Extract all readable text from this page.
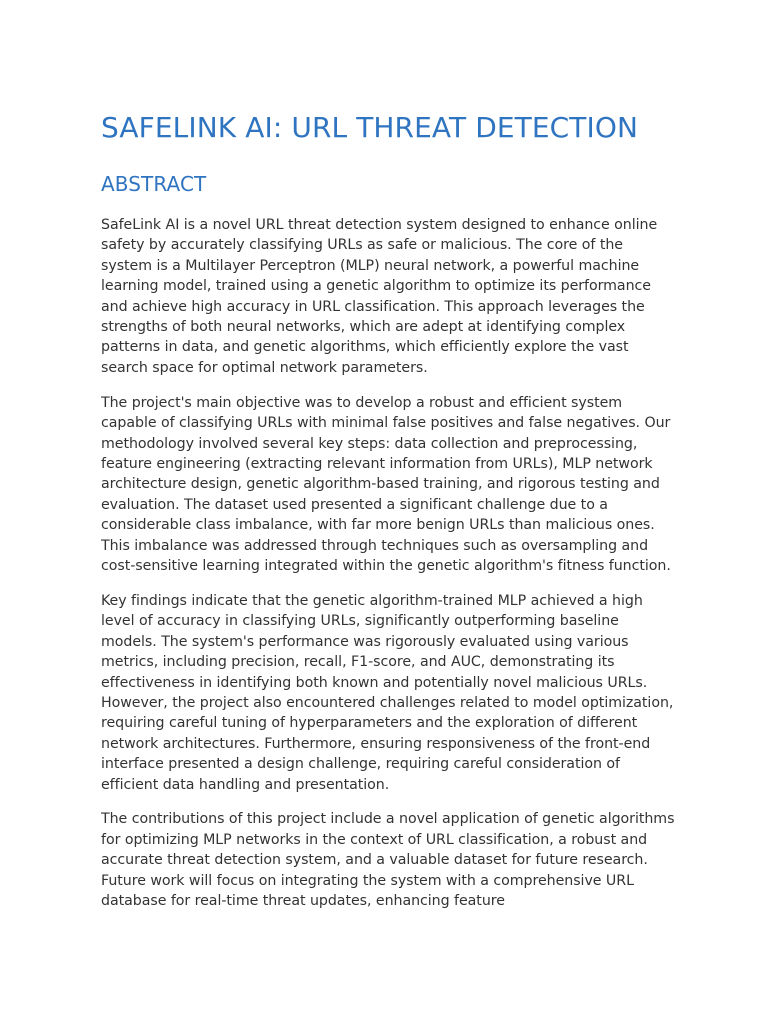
SAFELINK AI: URL THREAT DETECTION
ABSTRACT

SafeLink AI is a novel URL threat detection system designed to enhance online safety by accurately classifying URLs as safe or malicious. The core of the system is a Multilayer Perceptron (MLP) neural network, a powerful machine learning model, trained using a genetic algorithm to optimize its performance and achieve high accuracy in URL classification. This approach leverages the strengths of both neural networks, which are adept at identifying complex patterns in data, and genetic algorithms, which efficiently explore the vast search space for optimal network parameters.

The project's main objective was to develop a robust and efficient system capable of classifying URLs with minimal false positives and false negatives. Our methodology involved several key steps: data collection and preprocessing, feature engineering (extracting relevant information from URLs), MLP network architecture design, genetic algorithm-based training, and rigorous testing and evaluation. The dataset used presented a significant challenge due to a considerable class imbalance, with far more benign URLs than malicious ones. This imbalance was addressed through techniques such as oversampling and cost-sensitive learning integrated within the genetic algorithm's fitness function.

Key findings indicate that the genetic algorithm-trained MLP achieved a high level of accuracy in classifying URLs, significantly outperforming baseline models. The system's performance was rigorously evaluated using various metrics, including precision, recall, F1-score, and AUC, demonstrating its effectiveness in identifying both known and potentially novel malicious URLs. However, the project also encountered challenges related to model optimization, requiring careful tuning of hyperparameters and the exploration of different network architectures. Furthermore, ensuring responsiveness of the front-end interface presented a design challenge, requiring careful consideration of efficient data handling and presentation.

The contributions of this project include a novel application of genetic algorithms for optimizing MLP networks in the context of URL classification, a robust and accurate threat detection system, and a valuable dataset for future research. Future work will focus on integrating the system with a comprehensive URL database for real-time threat updates, enhancing feature
